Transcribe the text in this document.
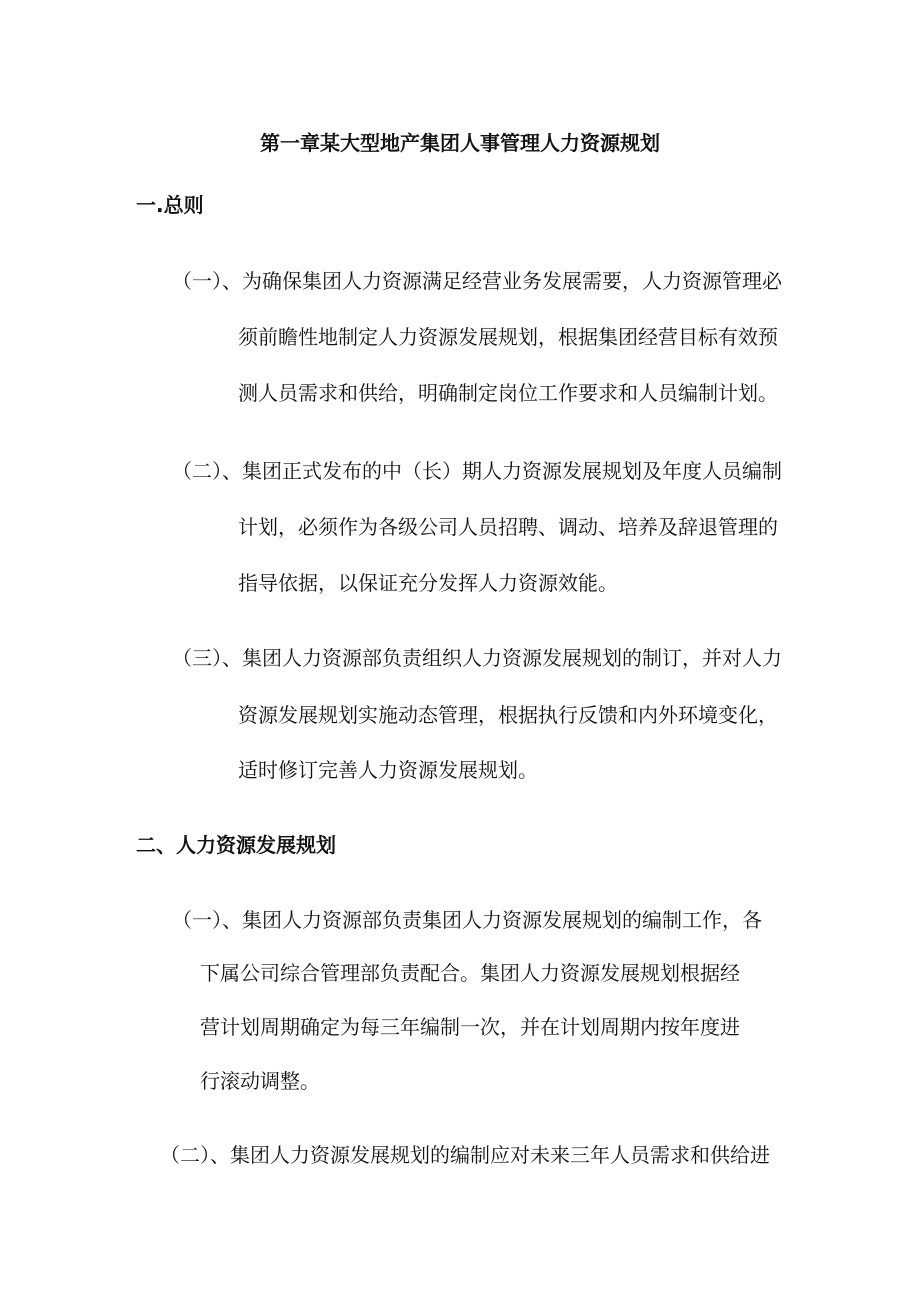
第一章某大型地产集团人事管理人力资源规划
一.总则
（一）、为确保集团人力资源满足经营业务发展需要，人力资源管理必
须前瞻性地制定人力资源发展规划，根据集团经营目标有效预
测人员需求和供给，明确制定岗位工作要求和人员编制计划。
（二）、集团正式发布的中（长）期人力资源发展规划及年度人员编制
计划，必须作为各级公司人员招聘、调动、培养及辞退管理的
指导依据，以保证充分发挥人力资源效能。
（三）、集团人力资源部负责组织人力资源发展规划的制订，并对人力
资源发展规划实施动态管理，根据执行反馈和内外环境变化，
适时修订完善人力资源发展规划。
二、人力资源发展规划
（一）、集团人力资源部负责集团人力资源发展规划的编制工作，各
下属公司综合管理部负责配合。集团人力资源发展规划根据经
营计划周期确定为每三年编制一次，并在计划周期内按年度进
行滚动调整。
（二）、集团人力资源发展规划的编制应对未来三年人员需求和供给进
